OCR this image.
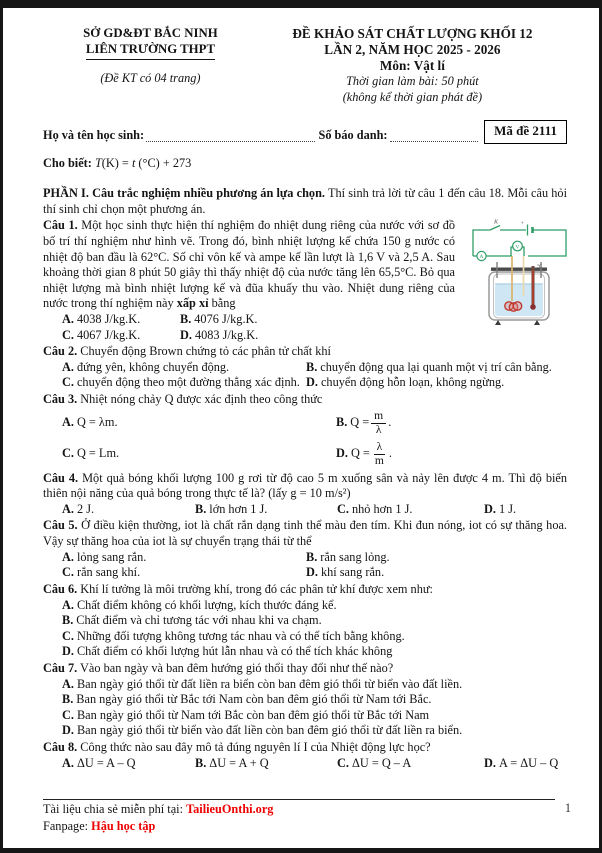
SỞ GD&ĐT BẮC NINH
LIÊN TRƯỜNG THPT
(Đề KT có 04 trang)
ĐỀ KHẢO SÁT CHẤT LƯỢNG KHỐI 12
LẦN 2, NĂM HỌC 2025 - 2026
Môn: Vật lí
Thời gian làm bài: 50 phút
(không kể thời gian phát đề)
Họ và tên học sinh:	Số báo danh:	Mã đề 2111
Cho biết: T(K) = t (°C) + 273
PHẦN I. Câu trắc nghiệm nhiều phương án lựa chọn. Thí sinh trả lời từ câu 1 đến câu 18. Mỗi câu hỏi thí sinh chỉ chọn một phương án.
A
V
K	+
°C

Câu 1. Một học sinh thực hiện thí nghiệm đo nhiệt dung riêng của nước với sơ đồ bố trí thí nghiệm như hình vẽ. Trong đó, bình nhiệt lượng kế chứa 150 g nước có nhiệt độ ban đầu là 62°C. Số chỉ vôn kế và ampe kế lần lượt là 1,6 V và 2,5 A. Sau khoảng thời gian 8 phút 50 giây thì thấy nhiệt độ của nước tăng lên 65,5°C. Bỏ qua nhiệt lượng mà bình nhiệt lượng kế và đũa khuấy thu vào. Nhiệt dung riêng của nước trong thí nghiệm này xấp xỉ bằng

A. 4038 J/kg.K.	B. 4076 J/kg.K.
C. 4067 J/kg.K.	D. 4083 J/kg.K.

Câu 2. Chuyển động Brown chứng tỏ các phân tử chất khí

A. đứng yên, không chuyển động.	B. chuyển động qua lại quanh một vị trí cân bằng.
C. chuyển động theo một đường thẳng xác định. D. chuyển động hỗn loạn, không ngừng.

Câu 3. Nhiệt nóng chảy Q được xác định theo công thức

A. Q = λm.	B. $Q = \frac{m}{\lambda}$ .
C. Q = Lm.	D. $Q = \frac{\lambda}{m}$ .

Câu 4. Một quả bóng khối lượng 100 g rơi từ độ cao 5 m xuống sân và nảy lên được 4 m. Thì độ biến thiên nội năng của quả bóng trong thực tế là? (lấy g = 10 m/s²)

A. 2 J.	B. lớn hơn 1 J.	C. nhỏ hơn 1 J.	D. 1 J.

Câu 5. Ở điều kiện thường, iot là chất rắn dạng tinh thể màu đen tím. Khi đun nóng, iot có sự thăng hoa. Vậy sự thăng hoa của iot là sự chuyển trạng thái từ thể

A. lỏng sang rắn.	B. rắn sang lỏng.
C. rắn sang khí.	D. khí sang rắn.

Câu 6. Khí lí tưởng là môi trường khí, trong đó các phân tử khí được xem như:

A. Chất điểm không có khối lượng, kích thước đáng kể.
B. Chất điểm và chỉ tương tác với nhau khi va chạm.
C. Những đối tượng không tương tác nhau và có thể tích bằng không.
D. Chất điểm có khối lượng hút lẫn nhau và có thể tích khác không

Câu 7. Vào ban ngày và ban đêm hướng gió thổi thay đổi như thế nào?

A. Ban ngày gió thổi từ đất liền ra biển còn ban đêm gió thổi từ biển vào đất liền.
B. Ban ngày gió thổi từ Bắc tới Nam còn ban đêm gió thổi từ Nam tới Bắc.
C. Ban ngày gió thổi từ Nam tới Bắc còn ban đêm gió thổi từ Bắc tới Nam
D. Ban ngày gió thổi từ biển vào đất liền còn ban đêm gió thổi từ đất liền ra biển.

Câu 8. Công thức nào sau đây mô tả đúng nguyên lí I của Nhiệt động lực học?

A. ΔU = A – Q	B. ΔU = A + Q	C. ΔU = Q – A	D. A = ΔU – Q
1
Tài liệu chia sẻ miễn phí tại: TailieuOnthi.org
Fanpage: Hậu học tập
